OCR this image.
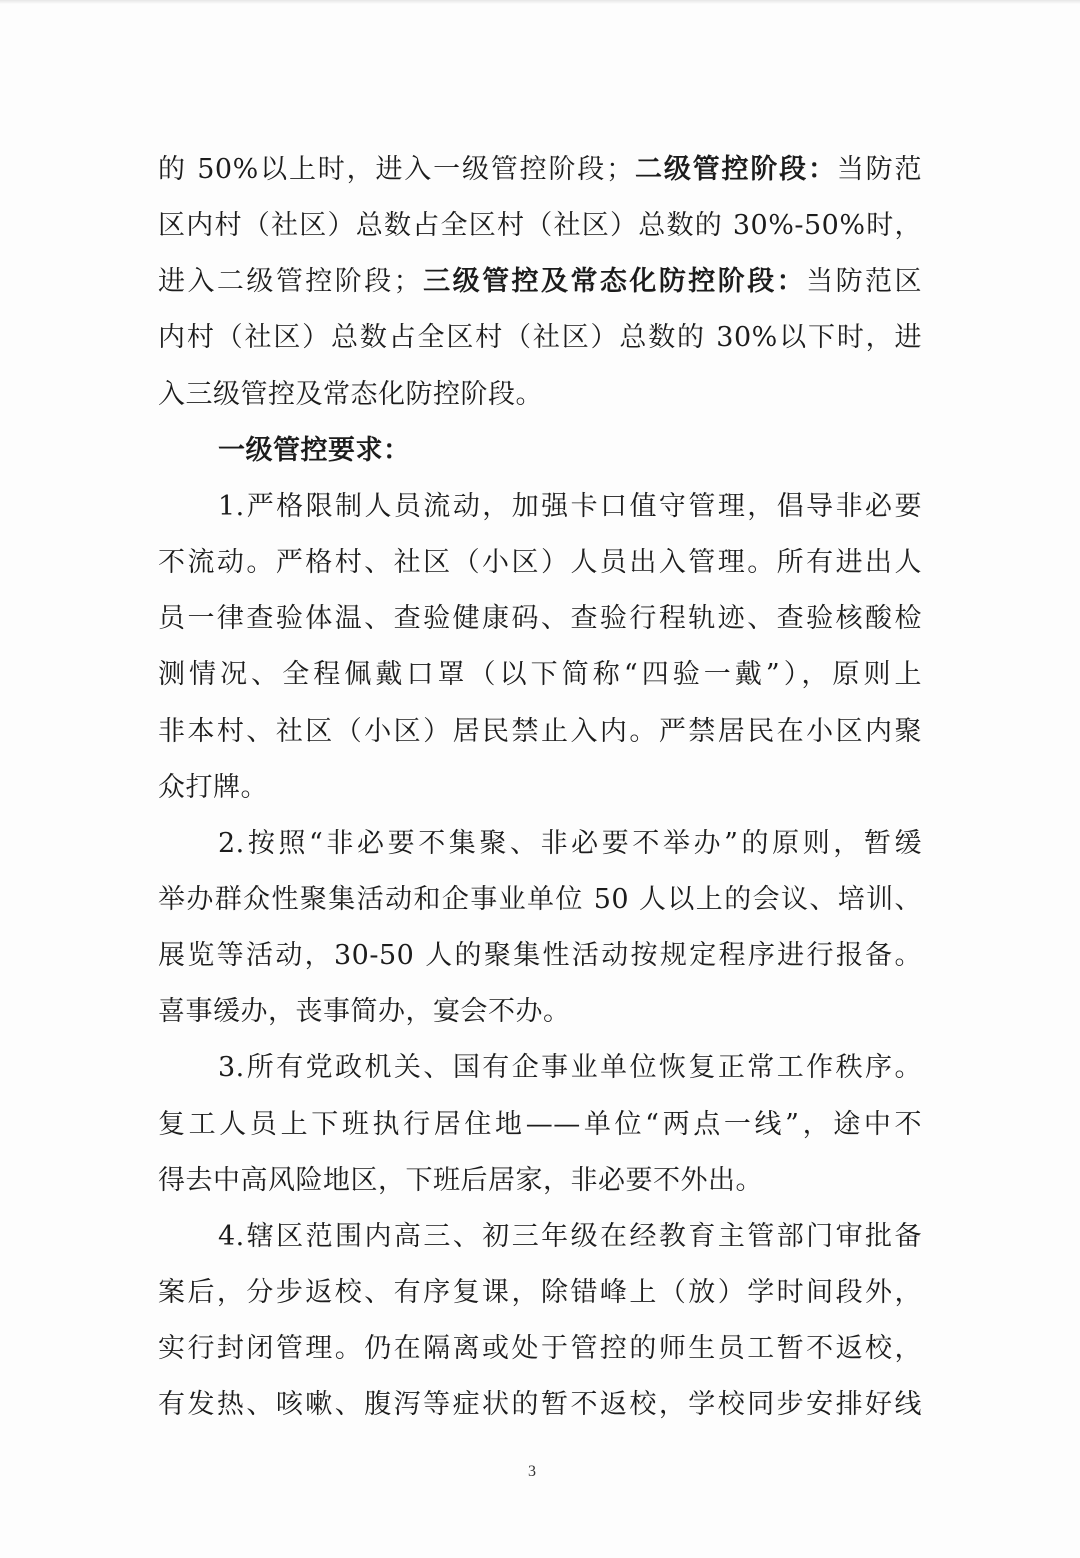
的 50%以上时，进入一级管控阶段；二级管控阶段：当防范
区内村（社区）总数占全区村（社区）总数的 30%-50%时，
进入二级管控阶段；三级管控及常态化防控阶段：当防范区
内村（社区）总数占全区村（社区）总数的 30%以下时，进
入三级管控及常态化防控阶段。
一级管控要求：
1.严格限制人员流动，加强卡口值守管理，倡导非必要
不流动。严格村、社区（小区）人员出入管理。所有进出人
员一律查验体温、查验健康码、查验行程轨迹、查验核酸检
测情况、全程佩戴口罩（以下简称“四验一戴”），原则上
非本村、社区（小区）居民禁止入内。严禁居民在小区内聚
众打牌。
2.按照“非必要不集聚、非必要不举办”的原则，暂缓
举办群众性聚集活动和企事业单位 50 人以上的会议、培训、
展览等活动，30-50 人的聚集性活动按规定程序进行报备。
喜事缓办，丧事简办，宴会不办。
3.所有党政机关、国有企事业单位恢复正常工作秩序。
复工人员上下班执行居住地——单位“两点一线”，途中不
得去中高风险地区，下班后居家，非必要不外出。
4.辖区范围内高三、初三年级在经教育主管部门审批备
案后，分步返校、有序复课，除错峰上（放）学时间段外，
实行封闭管理。仍在隔离或处于管控的师生员工暂不返校，
有发热、咳嗽、腹泻等症状的暂不返校，学校同步安排好线
3
